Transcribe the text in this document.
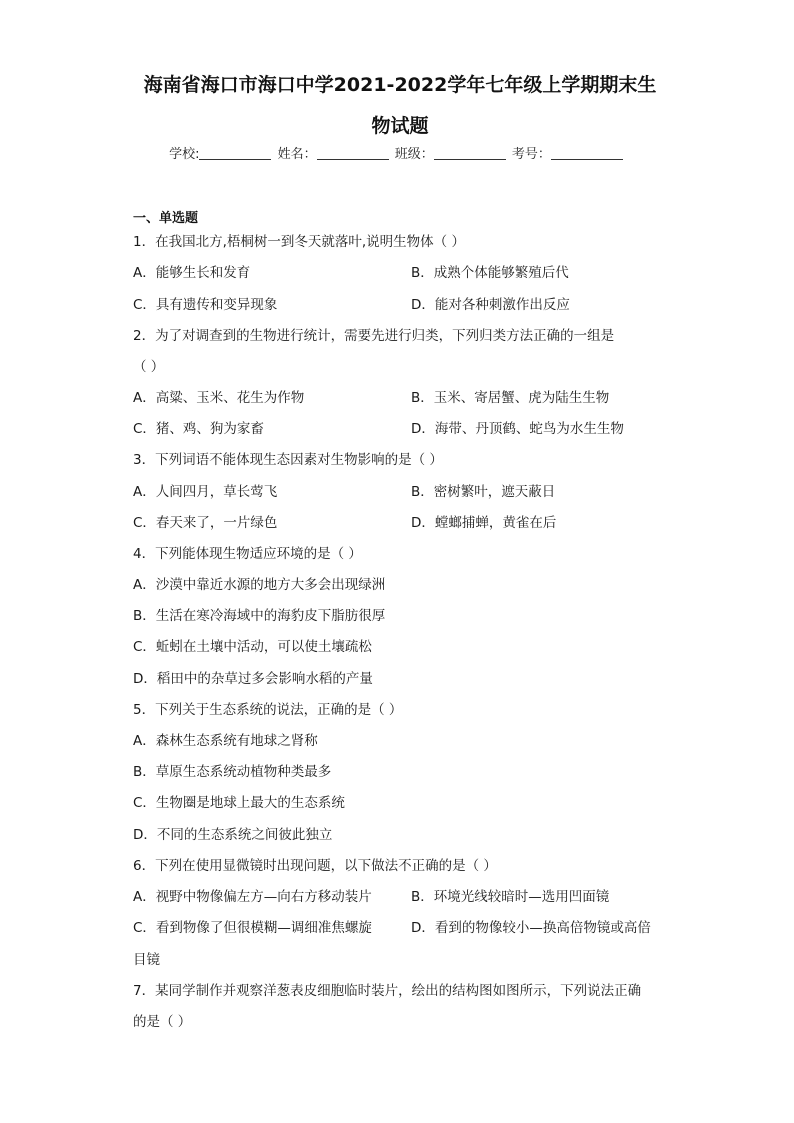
海南省海口市海口中学2021-2022学年七年级上学期期末生
物试题
学校:	姓名：	班级：	考号：
一、单选题
1．在我国北方,梧桐树一到冬天就落叶,说明生物体（ ）
A．能够生长和发育	B．成熟个体能够繁殖后代
C．具有遗传和变异现象	D．能对各种刺激作出反应
2．为了对调查到的生物进行统计，需要先进行归类，下列归类方法正确的一组是
（ ）
A．高粱、玉米、花生为作物	B．玉米、寄居蟹、虎为陆生生物
C．猪、鸡、狗为家畜	D．海带、丹顶鹤、蛇鸟为水生生物
3．下列词语不能体现生态因素对生物影响的是（ ）
A．人间四月，草长莺飞	B．密树繁叶，遮天蔽日
C．春天来了，一片绿色	D．螳螂捕蝉，黄雀在后
4．下列能体现生物适应环境的是（ ）
A．沙漠中靠近水源的地方大多会出现绿洲
B．生活在寒冷海域中的海豹皮下脂肪很厚
C．蚯蚓在土壤中活动，可以使土壤疏松
D．稻田中的杂草过多会影响水稻的产量
5．下列关于生态系统的说法，正确的是（ ）
A．森林生态系统有地球之肾称
B．草原生态系统动植物种类最多
C．生物圈是地球上最大的生态系统
D．不同的生态系统之间彼此独立
6．下列在使用显微镜时出现问题，以下做法不正确的是（ ）
A．视野中物像偏左方—向右方移动装片	B．环境光线较暗时—选用凹面镜
C．看到物像了但很模糊—调细准焦螺旋	D．看到的物像较小—换高倍物镜或高倍
目镜
7．某同学制作并观察洋葱表皮细胞临时装片，绘出的结构图如图所示，下列说法正确
的是（ ）
